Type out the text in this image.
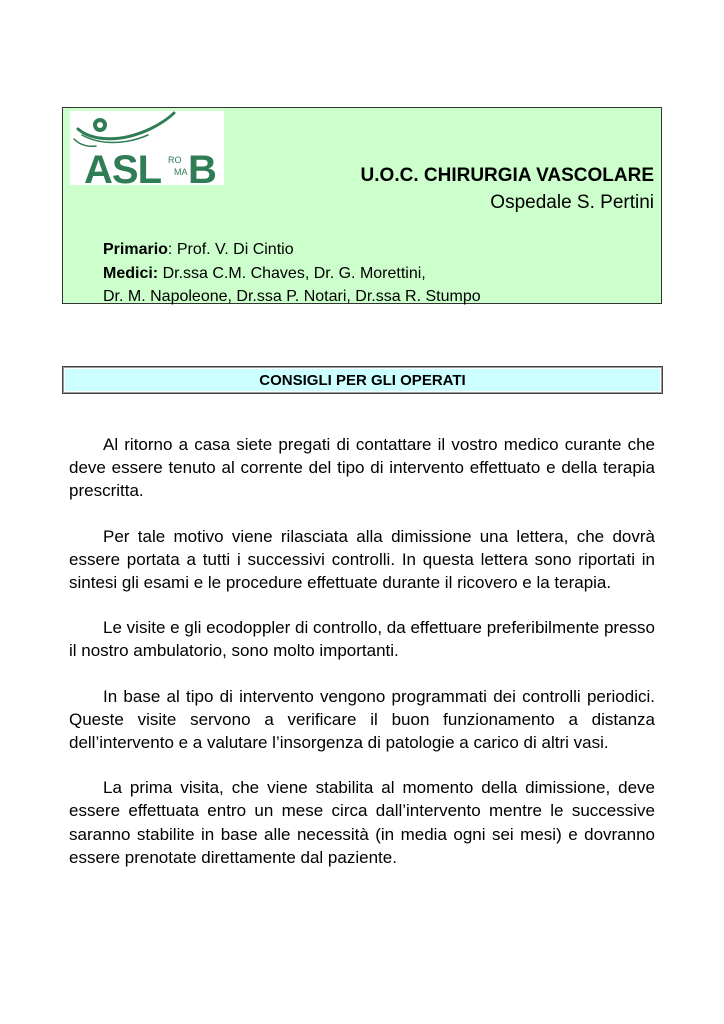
ASL RO
MA B	U.O.C. CHIRURGIA VASCOLARE
Ospedale S. Pertini
Primario: Prof. V. Di Cintio
Medici: Dr.ssa C.M. Chaves, Dr. G. Morettini,
Dr. M. Napoleone, Dr.ssa P. Notari, Dr.ssa R. Stumpo
CONSIGLI PER GLI OPERATI

Al ritorno a casa siete pregati di contattare il vostro medico curante che deve essere tenuto al corrente del tipo di intervento effettuato e della terapia prescritta.

Per tale motivo viene rilasciata alla dimissione una lettera, che dovrà essere portata a tutti i successivi controlli. In questa lettera sono riportati in sintesi gli esami e le procedure effettuate durante il ricovero e la terapia.

Le visite e gli ecodoppler di controllo, da effettuare preferibilmente presso il nostro ambulatorio, sono molto importanti.

In base al tipo di intervento vengono programmati dei controlli periodici. Queste visite servono a verificare il buon funzionamento a distanza dell’intervento e a valutare l’insorgenza di patologie a carico di altri vasi.

La prima visita, che viene stabilita al momento della dimissione, deve essere effettuata entro un mese circa dall’intervento mentre le successive saranno stabilite in base alle necessità (in media ogni sei mesi) e dovranno essere prenotate direttamente dal paziente.
